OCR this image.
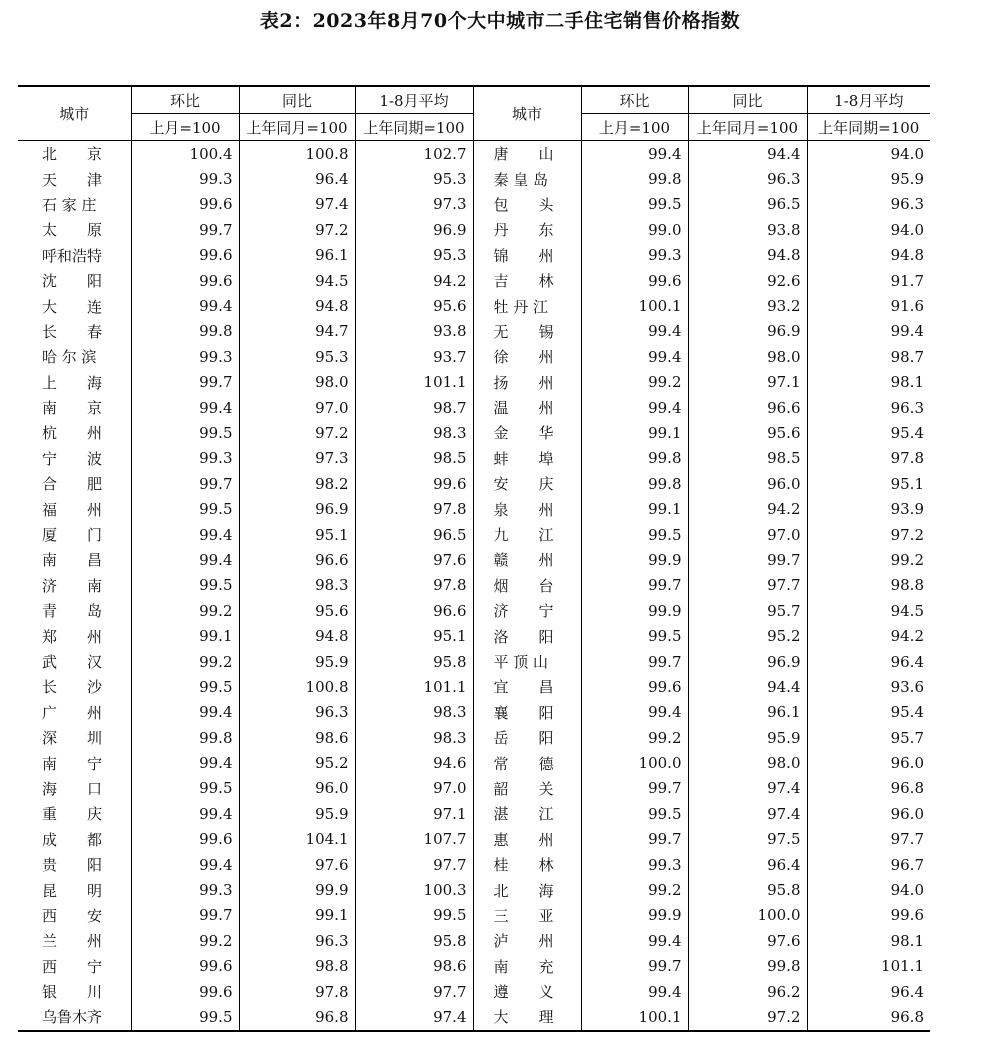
表2：2023年8月70个大中城市二手住宅销售价格指数
城市	环比	同比	1-8月平均	城市	环比	同比	1-8月平均
	上月=100	上年同月=100	上年同期=100		上月=100	上年同月=100	上年同期=100
北　　京	100.4	100.8	102.7	唐　　山	99.4	94.4	94.0
天　　津	99.3	96.4	95.3	秦 皇 岛	99.8	96.3	95.9
石 家 庄	99.6	97.4	97.3	包　　头	99.5	96.5	96.3
太　　原	99.7	97.2	96.9	丹　　东	99.0	93.8	94.0
呼和浩特	99.6	96.1	95.3	锦　　州	99.3	94.8	94.8
沈　　阳	99.6	94.5	94.2	吉　　林	99.6	92.6	91.7
大　　连	99.4	94.8	95.6	牡 丹 江	100.1	93.2	91.6
长　　春	99.8	94.7	93.8	无　　锡	99.4	96.9	99.4
哈 尔 滨	99.3	95.3	93.7	徐　　州	99.4	98.0	98.7
上　　海	99.7	98.0	101.1	扬　　州	99.2	97.1	98.1
南　　京	99.4	97.0	98.7	温　　州	99.4	96.6	96.3
杭　　州	99.5	97.2	98.3	金　　华	99.1	95.6	95.4
宁　　波	99.3	97.3	98.5	蚌　　埠	99.8	98.5	97.8
合　　肥	99.7	98.2	99.6	安　　庆	99.8	96.0	95.1
福　　州	99.5	96.9	97.8	泉　　州	99.1	94.2	93.9
厦　　门	99.4	95.1	96.5	九　　江	99.5	97.0	97.2
南　　昌	99.4	96.6	97.6	赣　　州	99.9	99.7	99.2
济　　南	99.5	98.3	97.8	烟　　台	99.7	97.7	98.8
青　　岛	99.2	95.6	96.6	济　　宁	99.9	95.7	94.5
郑　　州	99.1	94.8	95.1	洛　　阳	99.5	95.2	94.2
武　　汉	99.2	95.9	95.8	平 顶 山	99.7	96.9	96.4
长　　沙	99.5	100.8	101.1	宜　　昌	99.6	94.4	93.6
广　　州	99.4	96.3	98.3	襄　　阳	99.4	96.1	95.4
深　　圳	99.8	98.6	98.3	岳　　阳	99.2	95.9	95.7
南　　宁	99.4	95.2	94.6	常　　德	100.0	98.0	96.0
海　　口	99.5	96.0	97.0	韶　　关	99.7	97.4	96.8
重　　庆	99.4	95.9	97.1	湛　　江	99.5	97.4	96.0
成　　都	99.6	104.1	107.7	惠　　州	99.7	97.5	97.7
贵　　阳	99.4	97.6	97.7	桂　　林	99.3	96.4	96.7
昆　　明	99.3	99.9	100.3	北　　海	99.2	95.8	94.0
西　　安	99.7	99.1	99.5	三　　亚	99.9	100.0	99.6
兰　　州	99.2	96.3	95.8	泸　　州	99.4	97.6	98.1
西　　宁	99.6	98.8	98.6	南　　充	99.7	99.8	101.1
银　　川	99.6	97.8	97.7	遵　　义	99.4	96.2	96.4
乌鲁木齐	99.5	96.8	97.4	大　　理	100.1	97.2	96.8
